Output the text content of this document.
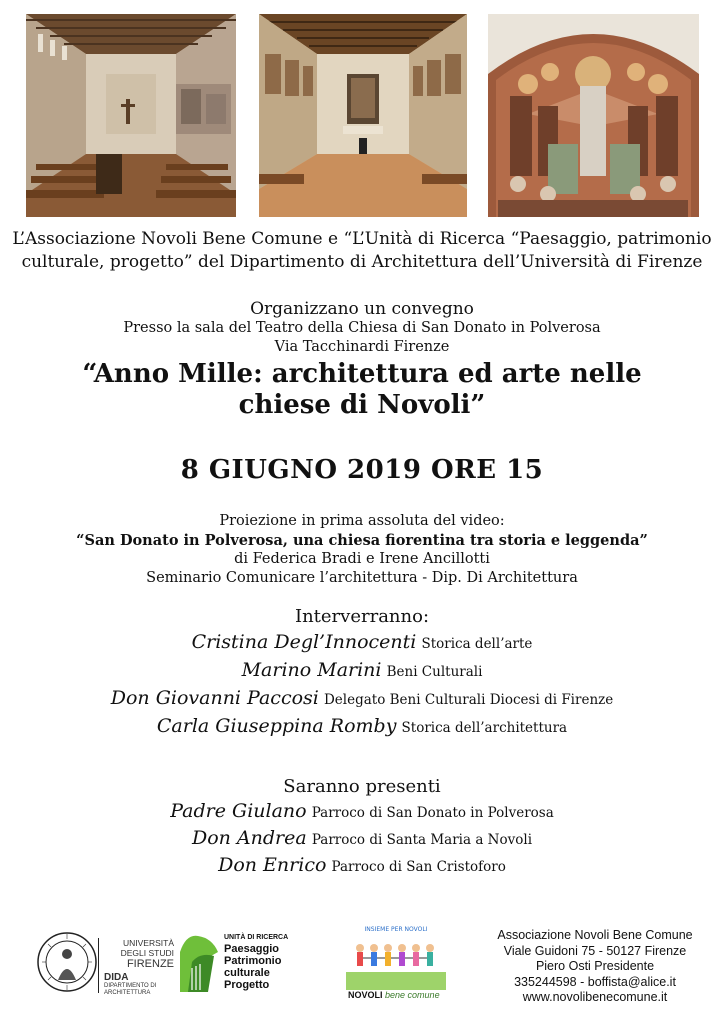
L’Associazione Novoli Bene Comune e “L’Unità di Ricerca “Paesaggio, patrimonio
culturale, progetto” del Dipartimento di Architettura dell’Università di Firenze
Organizzano un convegno
Presso la sala del Teatro della Chiesa di San Donato in Polverosa
Via Tacchinardi Firenze
“Anno Mille: architettura ed arte nelle
chiese di Novoli”
8 GIUGNO 2019 ORE 15
Proiezione in prima assoluta del video:
“San Donato in Polverosa, una chiesa fiorentina tra storia e leggenda”
di Federica Bradi e Irene Ancillotti
Seminario Comunicare l’architettura - Dip. Di Architettura
Interverranno:
Cristina Degl’Innocenti Storica dell’arte
Marino Marini Beni Culturali
Don Giovanni Paccosi Delegato Beni Culturali Diocesi di Firenze
Carla Giuseppina Romby Storica dell’architettura
Saranno presenti
Padre Giulano Parroco di San Donato in Polverosa
Don Andrea Parroco di Santa Maria a Novoli
Don Enrico Parroco di San Cristoforo
UNIVERSITÀ
DEGLI STUDI
FIRENZE
DIDA
DIPARTIMENTO DI
ARCHITETTURA
UNITÀ DI RICERCA
Paesaggio
Patrimonio culturale
Progetto
INSIEME PER NOVOLI
NOVOLI bene comune
Associazione Novoli Bene Comune
Viale Guidoni 75 - 50127 Firenze
Piero Osti Presidente
335244598 - boffista@alice.it
www.novolibenecomune.it
